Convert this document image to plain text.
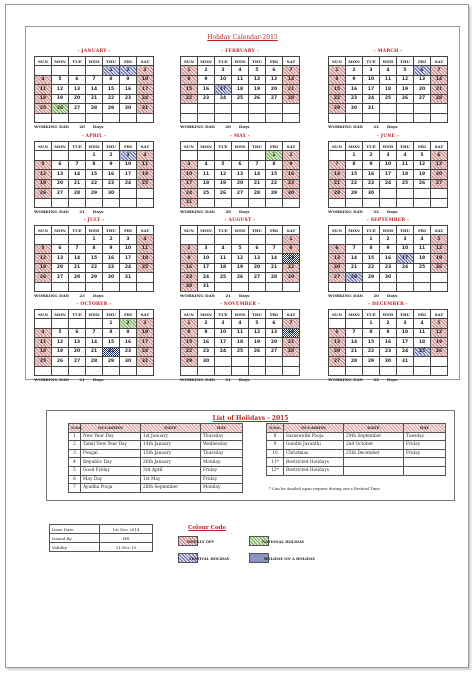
Holiday Calendar-2015
- JANUARY -
SUN	MON	TUE	WED	THU	FRI	SAT
				1	2	3
4	5	6	7	8	9	10
11	12	13	14	15	16	17
18	19	20	21	22	23	24
25	26	27	28	29	30	31

WORKING DAY:	20 Days
- FEBRUARY -
SUN	MON	TUE	WED	THU	FRI	SAT
1	2	3	4	5	6	7
8	9	10	11	12	13	14
15	16	17	18	19	20	21
22	23	24	25	26	27	28

WORKING DAY:	20 Days
- MARCH -
SUN	MON	TUE	WED	THU	FRI	SAT
1	2	3	4	5	6	7
8	9	10	11	12	13	14
15	16	17	18	19	20	21
22	23	24	25	26	27	28
29	30	31				

WORKING DAY:	22 Days
- APRIL -
SUN	MON	TUE	WED	THU	FRI	SAT
			1	2	3	4
5	6	7	8	9	10	11
12	13	14	15	16	17	18
19	20	21	22	23	24	25
26	27	28	29	30		

WORKING DAY:	21 Days
- MAY -
SUN	MON	TUE	WED	THU	FRI	SAT
					1	2
3	4	5	6	7	8	9
10	11	12	13	14	15	16
17	18	19	20	21	22	23
24	25	26	27	28	29	30
31						
WORKING DAY:	20 Days
- JUNE -
SUN	MON	TUE	WED	THU	FRI	SAT
	1	2	3	4	5	6
7	8	9	10	11	12	13
14	15	16	17	18	19	20
21	22	23	24	25	26	27
28	29	30				

WORKING DAY:	22 Days
- JULY -
SUN	MON	TUE	WED	THU	FRI	SAT
			1	2	3	4
5	6	7	8	9	10	11
12	13	14	15	16	17	18
19	20	21	22	23	24	25
26	27	28	29	30	31	

WORKING DAY:	23 Days
- AUGUST -
SUN	MON	TUE	WED	THU	FRI	SAT
						1
2	3	4	5	6	7	8
9	10	11	12	13	14	15
16	17	18	19	20	21	22
23	24	25	26	27	28	29
30	31					
WORKING DAY:	21 Days
- SEPTEMBER -
SUN	MON	TUE	WED	THU	FRI	SAT
		1	2	3	4	5
6	7	8	9	10	11	12
13	14	15	16	17	18	19
20	21	22	23	24	25	26
27	28	29	30			

WORKING DAY:	20 Days
- OCTOBER -
SUN	MON	TUE	WED	THU	FRI	SAT
				1	2	3
4	5	6	7	8	9	10
11	12	13	14	15	16	17
18	19	20	21	22	23	24
25	26	27	28	29	30	31

WORKING DAY:	21 Days
- NOVEMBER -
SUN	MON	TUE	WED	THU	FRI	SAT
1	2	3	4	5	6	7
8	9	10	11	12	13	14
15	16	17	18	19	20	21
22	23	24	25	26	27	28
29	30					

WORKING DAY:	21 Days
- DECEMBER -
SUN	MON	TUE	WED	THU	FRI	SAT
		1	2	3	4	5
6	7	8	9	10	11	12
13	14	15	16	17	18	19
20	21	22	23	24	25	26
27	28	29	30	31		

WORKING DAY:	22 Days
List of Holidays - 2015
S.No.	OCCASION	DATE	DAY
1	New Year Day	1st January	Thursday
2	Tamil New Year Day	14th January	Wednesday
3	Pongal	15th January	Thursday
4	Republic Day	26th January	Monday
5	Good Friday	3rd April	Friday
6	May Day	1st May	Friday
7	Ayudha Pooja	28th September	Monday
S.No.	OCCASION	DATE	DAY
8	Saraswathi Pooja	29th September	Tuesday
9	Gandhi Jayanthi	2nd October	Friday
10	Christmas	25th December	Friday
11*	Restricted Holidays		
12*	Restricted Holidays		
* Can be Availed upon request during one's Festival Time
Issue Date	1st Dec 2014
Issued By	HR
Validity	31-Dec-15
Colour Code
WEEKLY OFF	NATIONAL HOLIDAY
FESTIVAL HOLIDAY	HOLIDAY ON A HOLIDAY
